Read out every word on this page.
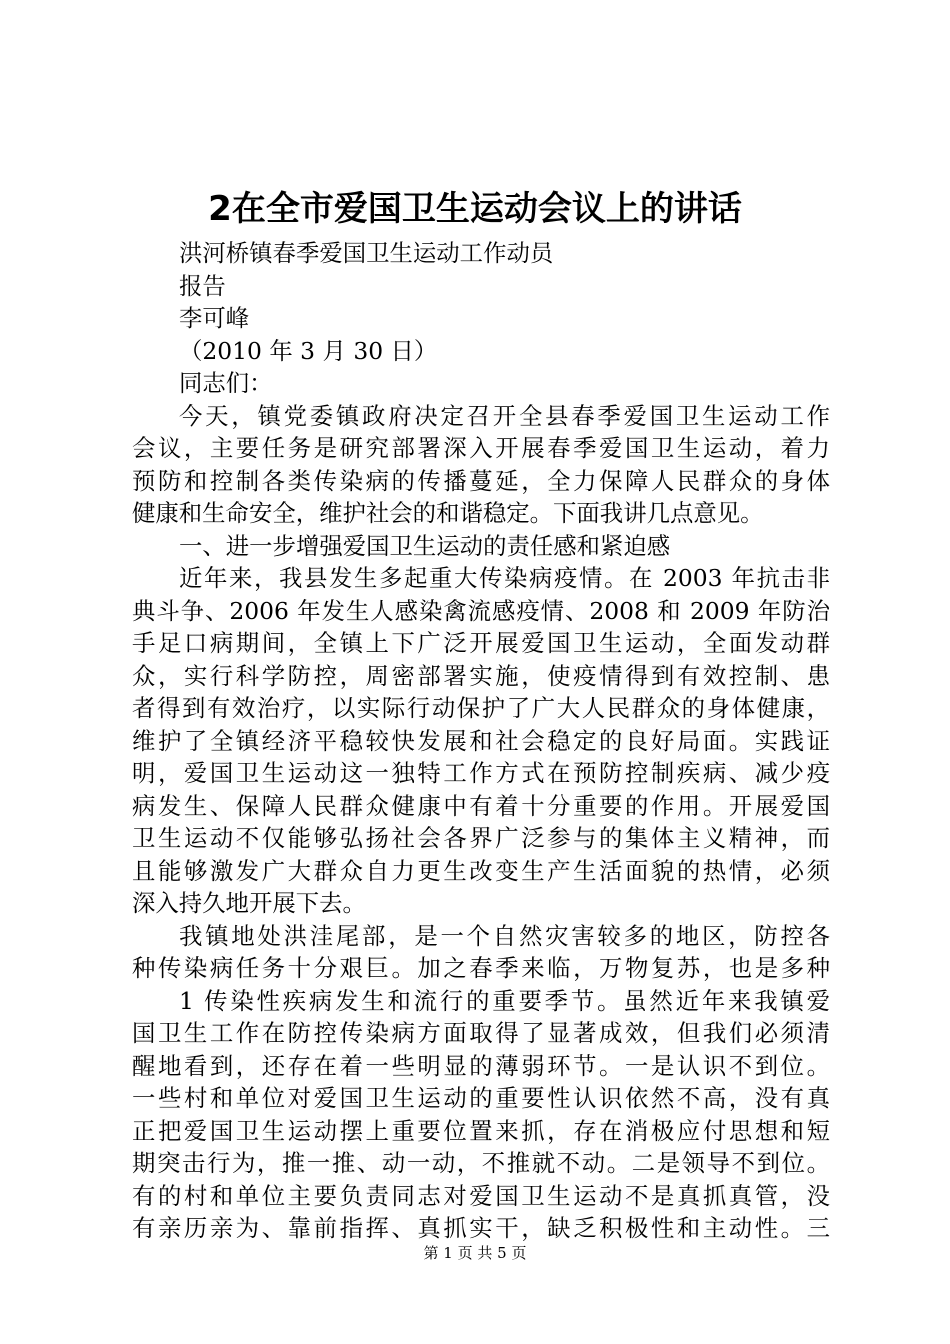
2在全市爱国卫生运动会议上的讲话
洪河桥镇春季爱国卫生运动工作动员
报告
李可峰
（2010 年 3 月 30 日）
同志们：
今天，镇党委镇政府决定召开全县春季爱国卫生运动工作
会议，主要任务是研究部署深入开展春季爱国卫生运动，着力
预防和控制各类传染病的传播蔓延，全力保障人民群众的身体
健康和生命安全，维护社会的和谐稳定。下面我讲几点意见。
一、进一步增强爱国卫生运动的责任感和紧迫感
近年来，我县发生多起重大传染病疫情。在 2003 年抗击非
典斗争、2006 年发生人感染禽流感疫情、2008 和 2009 年防治
手足口病期间，全镇上下广泛开展爱国卫生运动，全面发动群
众，实行科学防控，周密部署实施，使疫情得到有效控制、患
者得到有效治疗，以实际行动保护了广大人民群众的身体健康，
维护了全镇经济平稳较快发展和社会稳定的良好局面。实践证
明，爱国卫生运动这一独特工作方式在预防控制疾病、减少疫
病发生、保障人民群众健康中有着十分重要的作用。开展爱国
卫生运动不仅能够弘扬社会各界广泛参与的集体主义精神，而
且能够激发广大群众自力更生改变生产生活面貌的热情，必须
深入持久地开展下去。
我镇地处洪洼尾部，是一个自然灾害较多的地区，防控各
种传染病任务十分艰巨。加之春季来临，万物复苏，也是多种
1 传染性疾病发生和流行的重要季节。虽然近年来我镇爱
国卫生工作在防控传染病方面取得了显著成效，但我们必须清
醒地看到，还存在着一些明显的薄弱环节。一是认识不到位。
一些村和单位对爱国卫生运动的重要性认识依然不高，没有真
正把爱国卫生运动摆上重要位置来抓，存在消极应付思想和短
期突击行为，推一推、动一动，不推就不动。二是领导不到位。
有的村和单位主要负责同志对爱国卫生运动不是真抓真管，没
有亲历亲为、靠前指挥、真抓实干，缺乏积极性和主动性。三
第 1 页 共 5 页
